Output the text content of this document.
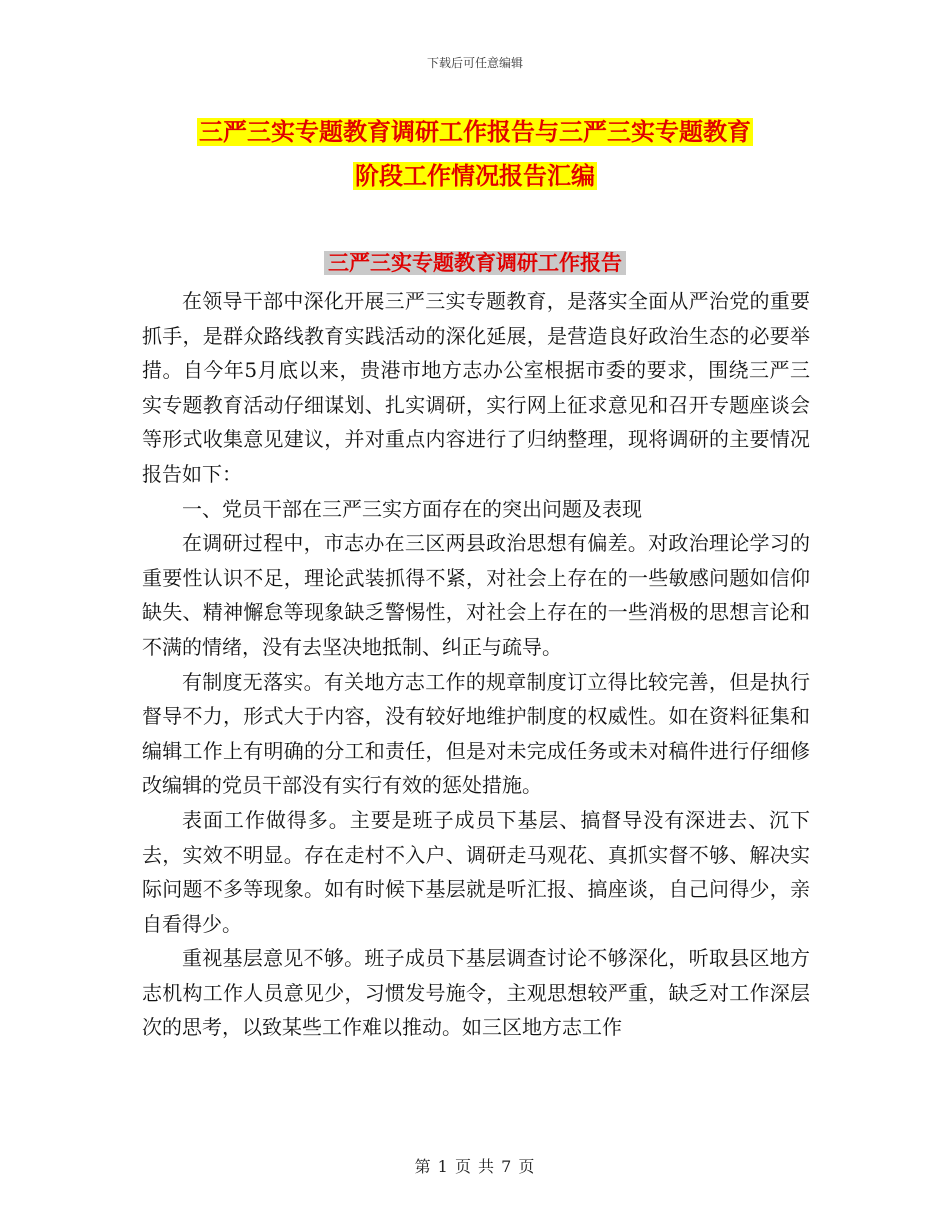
下载后可任意编辑
三严三实专题教育调研工作报告与三严三实专题教育
阶段工作情况报告汇编
三严三实专题教育调研工作报告

在领导干部中深化开展三严三实专题教育，是落实全面从严治党的重要抓手，是群众路线教育实践活动的深化延展，是营造良好政治生态的必要举措。自今年5月底以来，贵港市地方志办公室根据市委的要求，围绕三严三实专题教育活动仔细谋划、扎实调研，实行网上征求意见和召开专题座谈会等形式收集意见建议，并对重点内容进行了归纳整理，现将调研的主要情况报告如下：

一、党员干部在三严三实方面存在的突出问题及表现

在调研过程中，市志办在三区两县政治思想有偏差。对政治理论学习的重要性认识不足，理论武装抓得不紧，对社会上存在的一些敏感问题如信仰缺失、精神懈怠等现象缺乏警惕性，对社会上存在的一些消极的思想言论和不满的情绪，没有去坚决地抵制、纠正与疏导。

有制度无落实。有关地方志工作的规章制度订立得比较完善，但是执行督导不力，形式大于内容，没有较好地维护制度的权威性。如在资料征集和编辑工作上有明确的分工和责任，但是对未完成任务或未对稿件进行仔细修改编辑的党员干部没有实行有效的惩处措施。

表面工作做得多。主要是班子成员下基层、搞督导没有深进去、沉下去，实效不明显。存在走村不入户、调研走马观花、真抓实督不够、解决实际问题不多等现象。如有时候下基层就是听汇报、搞座谈，自己问得少，亲自看得少。

重视基层意见不够。班子成员下基层调查讨论不够深化，听取县区地方志机构工作人员意见少，习惯发号施令，主观思想较严重，缺乏对工作深层次的思考，以致某些工作难以推动。如三区地方志工作

第 1 页 共 7 页
